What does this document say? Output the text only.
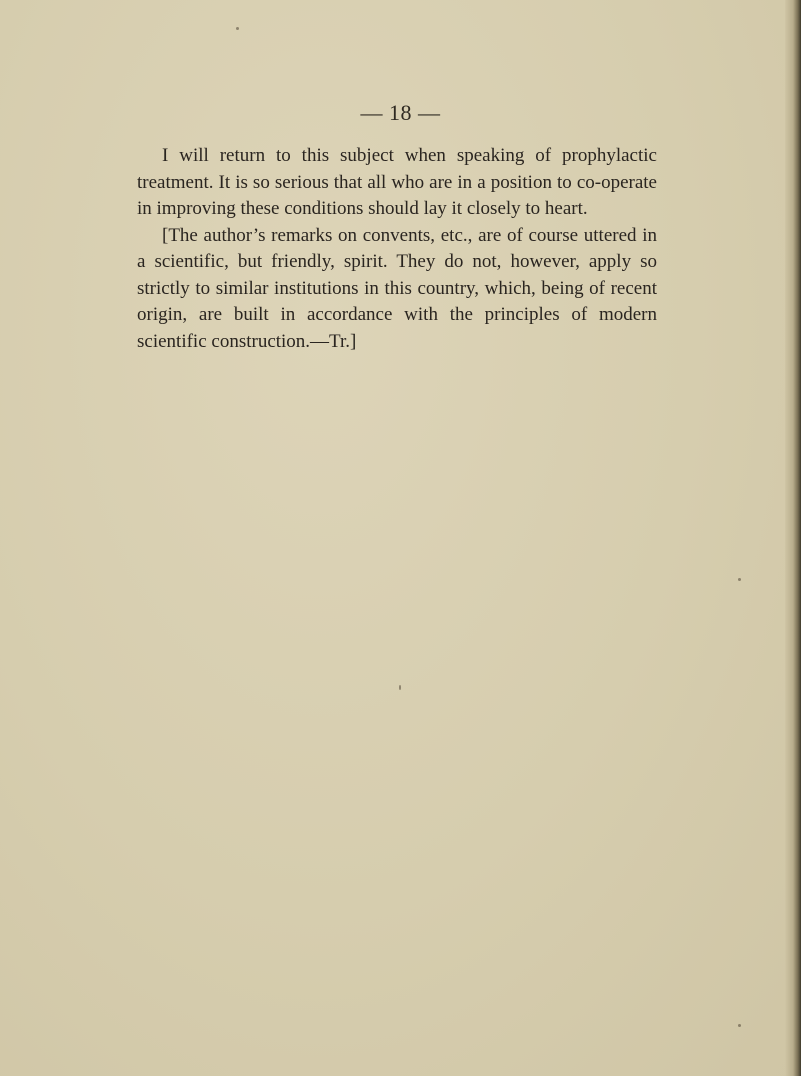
— 18 —

I will return to this subject when speaking of prophylactic treatment. It is so serious that all who are in a position to co-operate in improving these conditions should lay it closely to heart.

[The author’s remarks on convents, etc., are of course uttered in a scientific, but friendly, spirit. They do not, however, apply so strictly to similar institutions in this country, which, being of recent origin, are built in accordance with the principles of modern scientific construction.—Tr.]
